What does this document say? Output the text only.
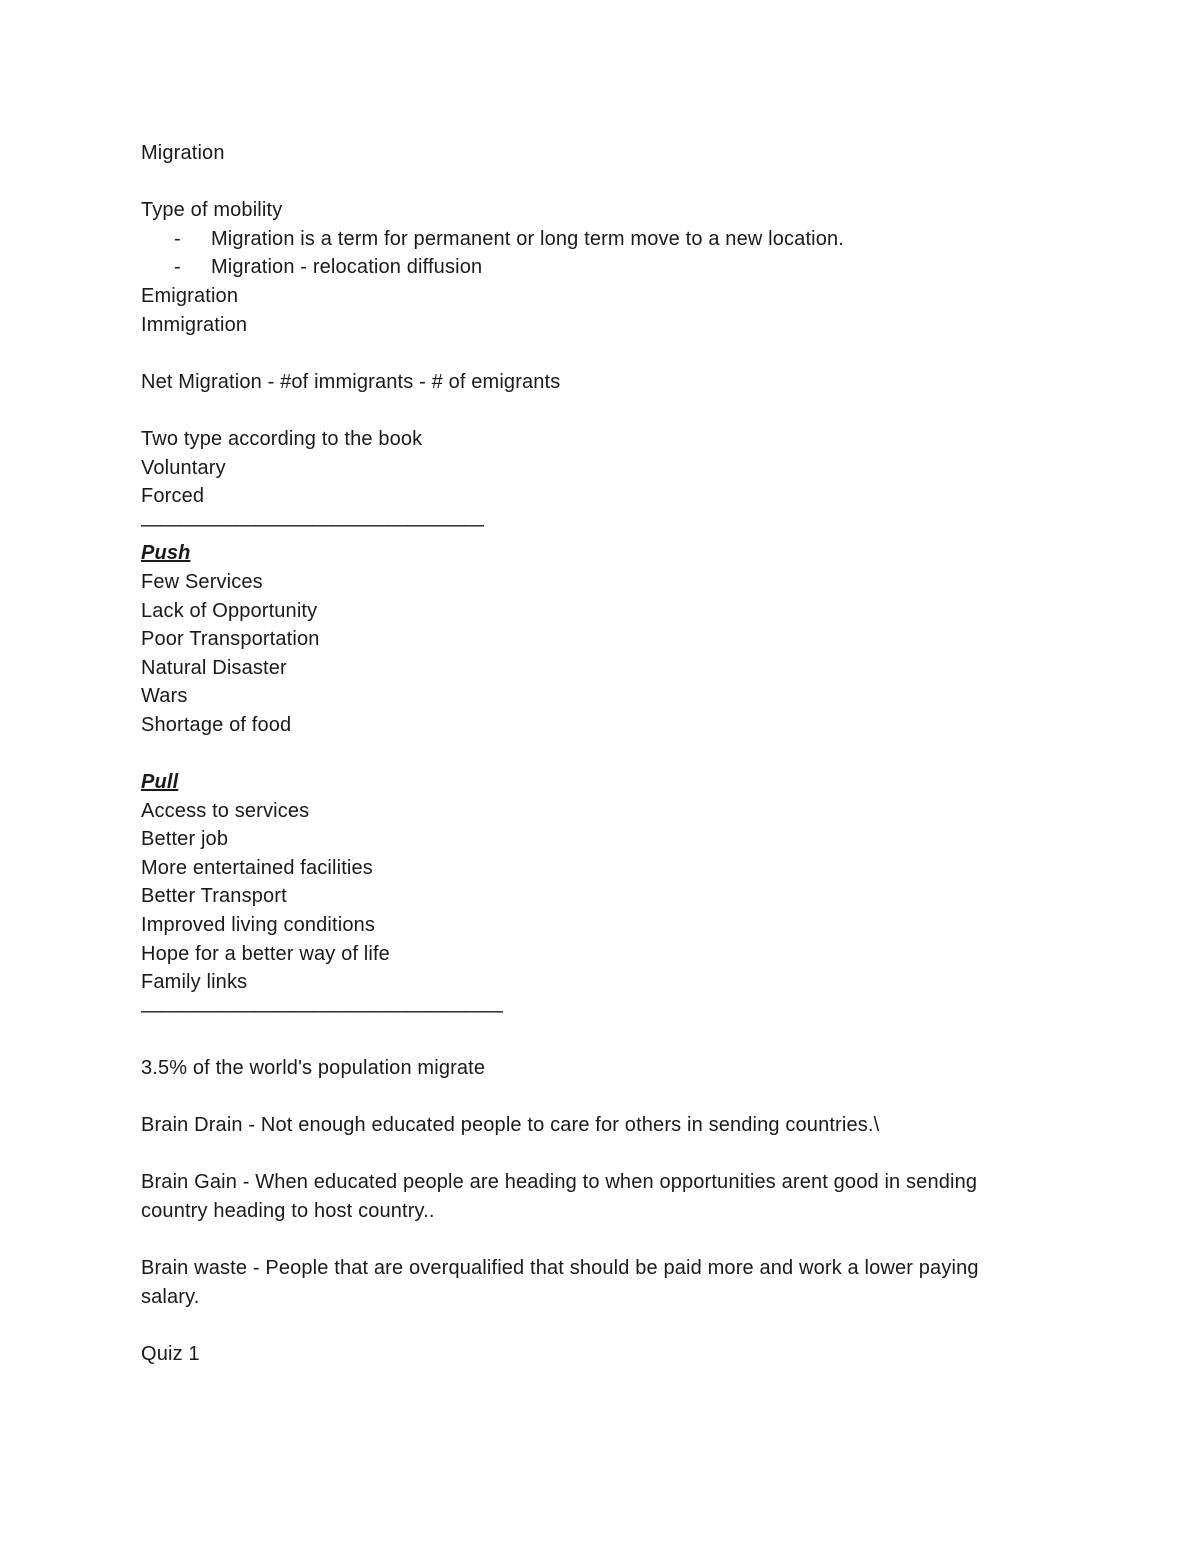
Migration
Type of mobility
-	Migration is a term for permanent or long term move to a new location.
-	Migration - relocation diffusion
Emigration
Immigration
Net Migration - #of immigrants - # of emigrants
Two type according to the book
Voluntary
Forced
——————————————————
Push
Few Services
Lack of Opportunity
Poor Transportation
Natural Disaster
Wars
Shortage of food
Pull
Access to services
Better job
More entertained facilities
Better Transport
Improved living conditions
Hope for a better way of life
Family links
———————————————————
3.5% of the world's population migrate
Brain Drain - Not enough educated people to care for others in sending countries.\
Brain Gain - When educated people are heading to when opportunities arent good in sending country heading to host country..
Brain waste - People that are overqualified that should be paid more and work a lower paying salary.
Quiz 1
